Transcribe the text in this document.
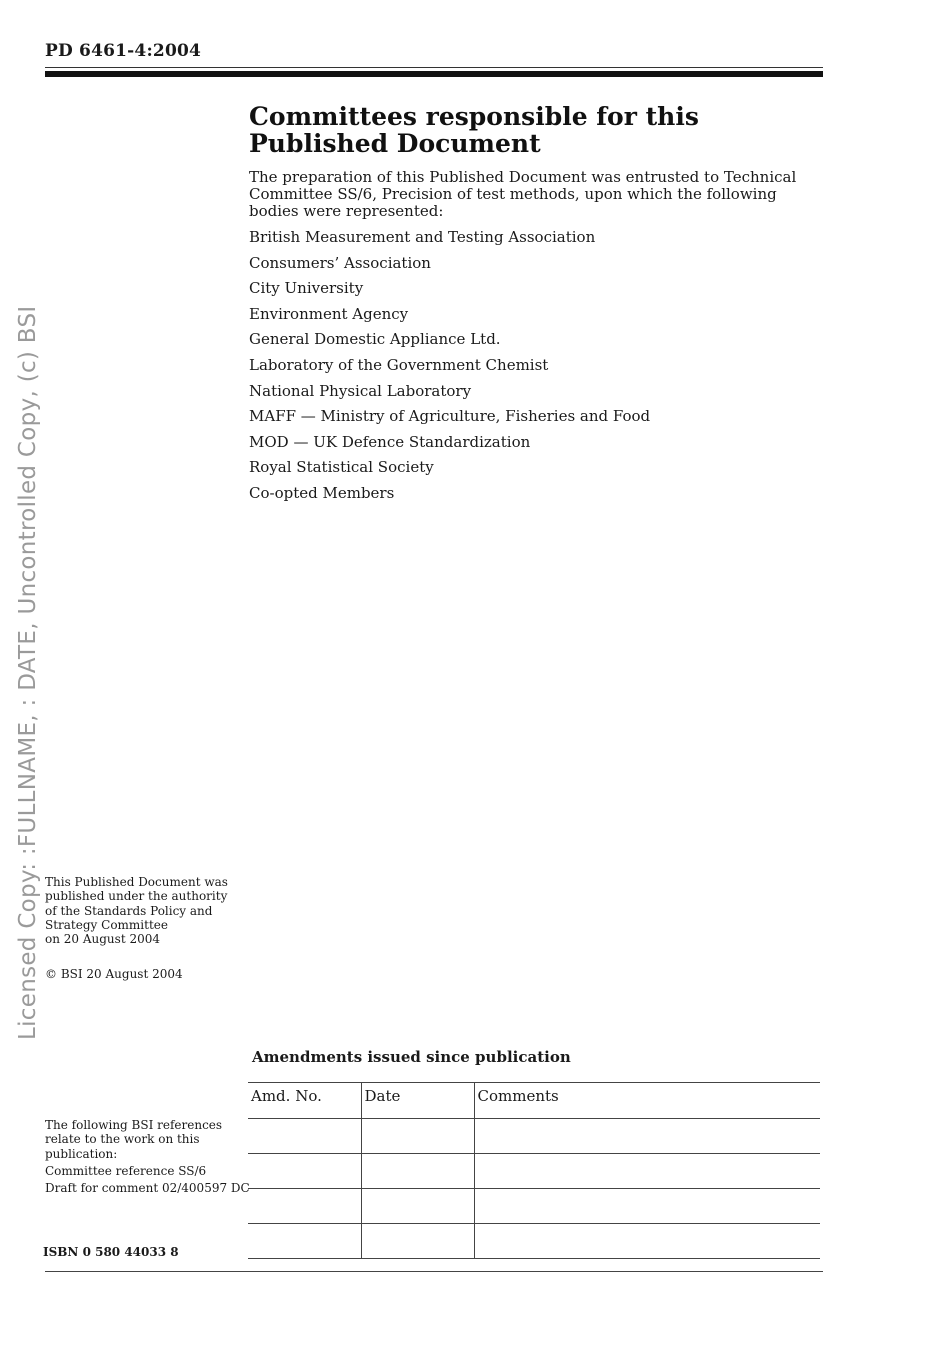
PD 6461-4:2004
Committees responsible for this
Published Document
The preparation of this Published Document was entrusted to Technical Committee SS/6, Precision of test methods, upon which the following bodies were represented:
British Measurement and Testing Association
Consumers’ Association
City University
Environment Agency
General Domestic Appliance Ltd.
Laboratory of the Government Chemist
National Physical Laboratory
MAFF — Ministry of Agriculture, Fisheries and Food
MOD — UK Defence Standardization
Royal Statistical Society
Co-opted Members
Licensed Copy: :FULLNAME, : DATE, Uncontrolled Copy, (c) BSI This Published Document was
published under the authority
of the Standards Policy and
Strategy Committee
on 20 August 2004
© BSI 20 August 2004
The following BSI references
relate to the work on this
publication:
Committee reference SS/6
Draft for comment 02/400597 DC
ISBN 0 580 44033 8
Amendments issued since publication
Amd. No.	Date	Comments
